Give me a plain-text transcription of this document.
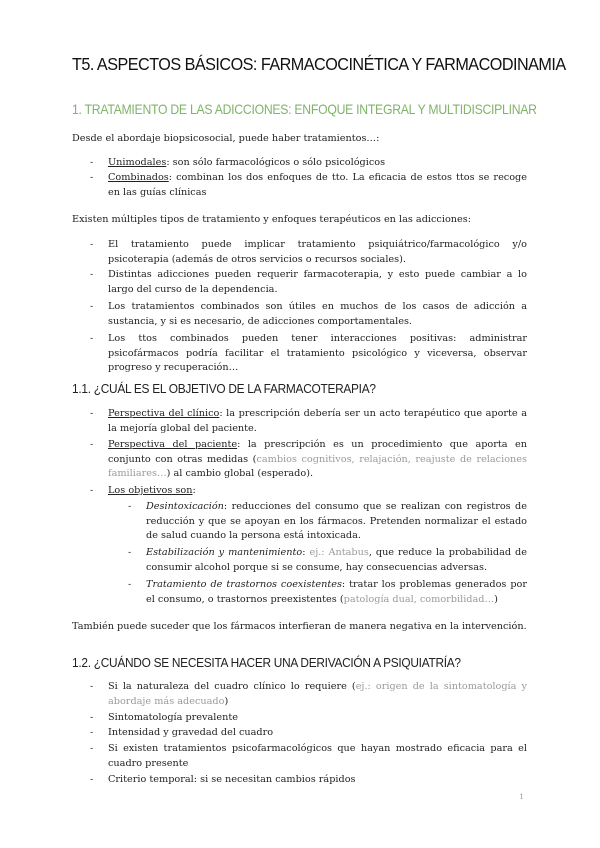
T5. ASPECTOS BÁSICOS: FARMACOCINÉTICA Y FARMACODINAMIA
1. TRATAMIENTO DE LAS ADICCIONES: ENFOQUE INTEGRAL Y MULTIDISCIPLINAR
Desde el abordaje biopsicosocial, puede haber tratamientos…:
- Unimodales: son sólo farmacológicos o sólo psicológicos
- Combinados: combinan los dos enfoques de tto. La eficacia de estos ttos se recoge en las guías clínicas
Existen múltiples tipos de tratamiento y enfoques terapéuticos en las adicciones:
- El tratamiento puede implicar tratamiento psiquiátrico/farmacológico y/o psicoterapia (además de otros servicios o recursos sociales).
- Distintas adicciones pueden requerir farmacoterapia, y esto puede cambiar a lo largo del curso de la dependencia.
- Los tratamientos combinados son útiles en muchos de los casos de adicción a sustancia, y si es necesario, de adicciones comportamentales.
- Los ttos combinados pueden tener interacciones positivas: administrar psicofármacos podría facilitar el tratamiento psicológico y viceversa, observar progreso y recuperación…
1.1. ¿CUÁL ES EL OBJETIVO DE LA FARMACOTERAPIA?
- Perspectiva del clínico: la prescripción debería ser un acto terapéutico que aporte a la mejoría global del paciente.
- Perspectiva del paciente: la prescripción es un procedimiento que aporta en conjunto con otras medidas (cambios cognitivos, relajación, reajuste de relaciones familiares…) al cambio global (esperado).
- Los objetivos son:
- Desintoxicación: reducciones del consumo que se realizan con registros de reducción y que se apoyan en los fármacos. Pretenden normalizar el estado de salud cuando la persona está intoxicada.
- Estabilización y mantenimiento: ej.: Antabus, que reduce la probabilidad de consumir alcohol porque si se consume, hay consecuencias adversas.
- Tratamiento de trastornos coexistentes: tratar los problemas generados por el consumo, o trastornos preexistentes (patología dual, comorbilidad…)
También puede suceder que los fármacos interfieran de manera negativa en la intervención.
1.2. ¿CUÁNDO SE NECESITA HACER UNA DERIVACIÓN A PSIQUIATRÍA?
- Si la naturaleza del cuadro clínico lo requiere (ej.: origen de la sintomatología y abordaje más adecuado)
- Sintomatología prevalente
- Intensidad y gravedad del cuadro
- Si existen tratamientos psicofarmacológicos que hayan mostrado eficacia para el cuadro presente
- Criterio temporal: si se necesitan cambios rápidos
1
